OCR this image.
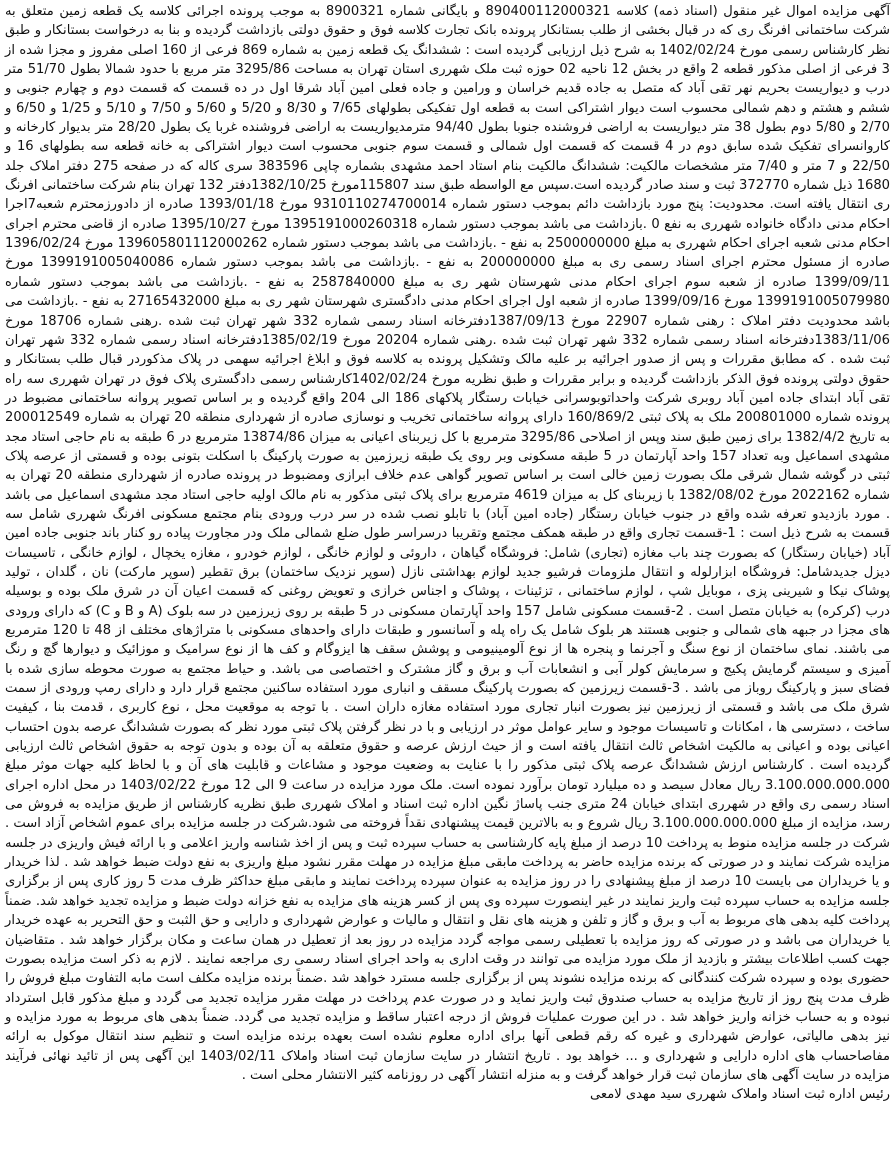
آگهی مزایده اموال غیر منقول (اسناد ذمه) کلاسه 890400112000321 و بایگانی شماره 8900321 به موجب پرونده اجرائی کلاسه یک قطعه زمین متعلق به شرکت ساختمانی افرنگ ری که در قبال بخشی از طلب بستانکار پرونده بانک تجارت کلاسه فوق و حقوق دولتی بازداشت گردیده و بنا به درخواست بستانکار و طبق نظر کارشناس رسمی مورخ 1402/02/24 به شرح ذیل ارزیابی گردیده است : ششدانگ یک قطعه زمین به شماره 869 فرعی از 160 اصلی مفروز و مجزا شده از 3 فرعی از اصلی مذکور قطعه 2 واقع در بخش 12 ناحیه 02 حوزه ثبت ملک شهرری استان تهران به مساحت 3295/86 متر مربع با حدود شمالا بطول 51/70 متر درب و دیواریست بحریم نهر تقی آباد که متصل به جاده قدیم خراسان و ورامین و جاده فعلی امین آباد شرقا اول در ده قسمت که قسمت دوم و چهارم جنوبی و ششم و هشتم و دهم شمالی محسوب است دیوار اشتراکی است به قطعه اول تفکیکی بطولهای 7/65 و 8/30 و 5/20 و 5/60 و 7/50 و 5/10 و 1/25 و 6/50 و 2/70 و 5/80 دوم بطول 38 متر دیواریست به اراضی فروشنده جنوبا بطول 94/40 مترمدیواریست به اراضی فروشنده غربا یک بطول 28/20 متر بدیوار کارخانه و کاروانسرای تفکیک شده سابق دوم در 4 قسمت که قسمت اول شمالی و قسمت سوم جنوبی محسوب است دیوار اشتراکی به خانه قطعه سه بطولهای 16 و 22/50 و 7 متر و 7/40 متر مشخصات مالکیت: ششدانگ مالکیت بنام استاد احمد مشهدی بشماره چاپی 383596 سری کاله که در صفحه 275 دفتر املاک جلد 1680 ذیل شماره 372770 ثبت و سند صادر گردیده است.سپس مع الواسطه طبق سند 115807مورخ 1382/10/25دفتر 132 تهران بنام شرکت ساختمانی افرنگ ری انتقال یافته است. محدودیت: پنج مورد بازداشت دائم بموجب دستور شماره 9310110274700014 مورخ 1393/01/18 صادره از دادورزمحترم شعبه7اجرا احکام مدنی دادگاه خانواده شهرری به نفع 0 .بازداشت می باشد بموجب دستور شماره 1395191000260318 مورخ 1395/10/27 صادره از قاضی محترم اجرای احکام مدنی شعبه اجرای احکام شهرری به مبلغ 2500000000 به نفع - .بازداشت می باشد بموجب دستور شماره 139605801112000262 مورخ 1396/02/24 صادره از مسئول محترم اجرای اسناد رسمی ری به مبلغ 200000000 به نفع - .بازداشت می باشد بموجب دستور شماره 1399191005040086 مورخ 1399/09/11 صادره از شعبه سوم اجرای احکام مدنی شهرستان شهر ری به مبلغ 2587840000 به نفع - .بازداشت می باشد بموجب دستور شماره 1399191005079980 مورخ 1399/09/16 صادره از شعبه اول اجرای احکام مدنی دادگستری شهرستان شهر ری به مبلغ 27165432000 به نفع - .بازداشت می باشد محدودیت دفتر املاک : رهنی شماره 22907 مورخ 1387/09/13دفترخانه اسناد رسمی شماره 332 شهر تهران ثبت شده .رهنی شماره 18706 مورخ 1383/11/06دفترخانه اسناد رسمی شماره 332 شهر تهران ثبت شده .رهنی شماره 20204 مورخ 1385/02/19دفترخانه اسناد رسمی شماره 332 شهر تهران ثبت شده . که مطابق مقررات و پس از صدور اجرائیه بر علیه مالک وتشکیل پرونده به کلاسه فوق و ابلاغ اجرائیه سهمی در پلاک مذکوردر قبال طلب بستانکار و حقوق دولتی پرونده فوق الذکر بازداشت گردیده و برابر مقررات و طبق نظریه مورخ 1402/02/24کارشناس رسمی دادگستری پلاک فوق در تهران شهرری سه راه تقی آباد ابتدای جاده امین آباد روبری شرکت واحداتوبوسرانی خیابات رستگار پلاکهای 186 الی 204 واقع گردیده و بر اساس تصویر پروانه ساختمانی مضبوط در پرونده شماره 200801000 ملک به پلاک ثبتی 160/869/2 دارای پروانه ساختمانی تخریب و نوسازی صادره از شهرداری منطقه 20 تهران به شماره 200012549 به تاریخ 1382/4/2 برای زمین طبق سند وپس از اصلاحی 3295/86 مترمربع با کل زیربنای اعیانی به میزان 13874/86 مترمربع در 6 طبقه به نام حاجی استاد مجد مشهدی اسماعیل وبه تعداد 157 واحد آپارتمان در 5 طبقه مسکونی وبر روی یک طبقه زیرزمین به صورت پارکینگ با اسکلت بتونی بوده و قسمتی از عرصه پلاک ثبتی در گوشه شمال شرقی ملک بصورت زمین خالی است بر اساس تصویر گواهی عدم خلاف ابرازی ومضبوط در پرونده صادره از شهرداری منطقه 20 تهران به شماره 2022162 مورخ 1382/08/02 با زیربنای کل به میزان 4619 مترمربع برای پلاک ثبتی مذکور به نام مالک اولیه حاجی استاد مجد مشهدی اسماعیل می باشد . مورد بازدیدو تعرفه شده واقع در جنوب خیابان رستگار (جاده امین آباد) با تابلو نصب شده در سر درب ورودی بنام مجتمع مسکونی افرنگ شهرری شامل سه قسمت به شرح ذیل است : 1-قسمت تجاری واقع در طبقه همکف مجتمع وتقریبا درسراسر طول ضلع شمالی ملک ودر مجاورت پیاده رو کنار باند جنوبی جاده امین آباد (خیابان رستگار) که بصورت چند باب مغازه (تجاری) شامل: فروشگاه گیاهان ، داروئی و لوازم خانگی ، لوازم خودرو ، مغازه یخچال ، لوازم خانگی ، تاسیسات دیزل جدیدشامل: فروشگاه ابزارلوله و انتقال ملزومات فرشیو جدید لوازم بهداشتی نازل (سوپر نزدیک ساختمان) برق تقطیر (سوپر مارکت) نان ، گلدان ، تولید پوشاک نیکا و شیرینی پزی ، موبایل شپ ، لوازم ساختمانی ، تزئینات ، پوشاک و اجناس خرازی و تعویض روغنی که قسمت اعیان آن در شرق ملک بوده و بوسیله درب (کرکره) به خیابان متصل است . 2-قسمت مسکونی شامل 157 واحد آپارتمان مسکونی در 5 طبقه بر روی زیرزمین در سه بلوک (A و B و C) که دارای ورودی های مجزا در جبهه های شمالی و جنوبی هستند هر بلوک شامل یک راه پله و آسانسور و طبقات دارای واحدهای مسکونی با متراژهای مختلف از 48 تا 120 مترمربع می باشند. نمای ساختمان از نوع سنگ و آجرنما و پنجره ها از نوع آلومینیومی و پوشش سقف ها ایزوگام و کف ها از نوع سرامیک و موزائیک و دیوارها گچ و رنگ آمیزی و سیستم گرمایش پکیج و سرمایش کولر آبی و انشعابات آب و برق و گاز مشترک و اختصاصی می باشد. و حیاط مجتمع به صورت محوطه سازی شده با فضای سبز و پارکینگ روباز می باشد . 3-قسمت زیرزمین که بصورت پارکینگ مسقف و انباری مورد استفاده ساکنین مجتمع قرار دارد و دارای رمپ ورودی از سمت شرق ملک می باشد و قسمتی از زیرزمین نیز بصورت انبار تجاری مورد استفاده مغازه داران است . با توجه به موقعیت محل ، نوع کاربری ، قدمت بنا ، کیفیت ساخت ، دسترسی ها ، امکانات و تاسیسات موجود و سایر عوامل موثر در ارزیابی و با در نظر گرفتن پلاک ثبتی مورد نظر که بصورت ششدانگ عرصه بدون احتساب اعیانی بوده و اعیانی به مالکیت اشخاص ثالث انتقال یافته است و از حیث ارزش عرصه و حقوق متعلقه به آن بوده و بدون توجه به حقوق اشخاص ثالث ارزیابی گردیده است . کارشناس ارزش ششدانگ عرصه پلاک ثبتی مذکور را با عنایت به وضعیت موجود و مشاعات و قابلیت های آن و با لحاظ کلیه جهات موثر مبلغ 3.100.000.000.000 ریال معادل سیصد و ده میلیارد تومان برآورد نموده است. ملک مورد مزایده در ساعت 9 الی 12 مورخ 1403/02/22 در محل اداره اجرای اسناد رسمی ری واقع در شهرری ابتدای خیابان 24 متری جنب پاساژ نگین اداره ثبت اسناد و املاک شهرری طبق نظریه کارشناس از طریق مزایده به فروش می رسد، مزایده از مبلغ 3.100.000.000.000 ریال شروع و به بالاترین قیمت پیشنهادی نقداً فروخته می شود.شرکت در جلسه مزایده برای عموم اشخاص آزاد است . شرکت در جلسه مزایده منوط به پرداخت 10 درصد از مبلغ پایه کارشناسی به حساب سپرده ثبت و پس از اخذ شناسه واریز اعلامی و با ارائه فیش واریزی در جلسه مزایده شرکت نمایند و در صورتی که برنده مزایده حاضر به پرداخت مابقی مبلغ مزایده در مهلت مقرر نشود مبلغ واریزی به نفع دولت ضبط خواهد شد . لذا خریدار و یا خریداران می بایست 10 درصد از مبلغ پیشنهادی را در روز مزایده به عنوان سپرده پرداخت نمایند و مابقی مبلغ حداکثر ظرف مدت 5 روز کاری پس از برگزاری جلسه مزایده به حساب سپرده ثبت واریز نمایند در غیر اینصورت سپرده وی پس از کسر هزینه های مزایده به نفع خزانه دولت ضبط و مزایده تجدید خواهد شد. ضمناً پرداخت کلیه بدهی های مربوط به آب و برق و گاز و تلفن و هزینه های نقل و انتقال و مالیات و عوارض شهرداری و دارایی و حق الثبت و حق التحریر به عهده خریدار یا خریداران می باشد و در صورتی که روز مزایده با تعطیلی رسمی مواجه گردد مزایده در روز بعد از تعطیل در همان ساعت و مکان برگزار خواهد شد . متقاضیان جهت کسب اطلاعات بیشتر و بازدید از ملک مورد مزایده می توانند در وقت اداری به واحد اجرای اسناد رسمی ری مراجعه نمایند . لازم به ذکر است مزایده بصورت حضوری بوده و سپرده شرکت کنندگانی که برنده مزایده نشوند پس از برگزاری جلسه مسترد خواهد شد .ضمناً برنده مزایده مکلف است مابه التفاوت مبلغ فروش را ظرف مدت پنج روز از تاریخ مزایده به حساب صندوق ثبت واریز نماید و در صورت عدم پرداخت در مهلت مقرر مزایده تجدید می گردد و مبلغ مذکور قابل استرداد نبوده و به حساب خزانه واریز خواهد شد . در این صورت عملیات فروش از درجه اعتبار ساقط و مزایده تجدید می گردد. ضمناً بدهی های مربوط به مورد مزایده و نیز بدهی مالیاتی، عوارض شهرداری و غیره که رقم قطعی آنها برای اداره معلوم نشده است بعهده برنده مزایده است و تنظیم سند انتقال موکول به ارائه مفاصاحساب های اداره دارایی و شهرداری و ... خواهد بود . تاریخ انتشار در سایت سازمان ثبت اسناد واملاک 1403/02/11 این آگهی پس از تائید نهائی فرآیند مزایده در سایت آگهی های سازمان ثبت قرار خواهد گرفت و به منزله انتشار آگهی در روزنامه کثیر الانتشار محلی است .

رئیس اداره ثبت اسناد واملاک شهرری سید مهدی لامعی
